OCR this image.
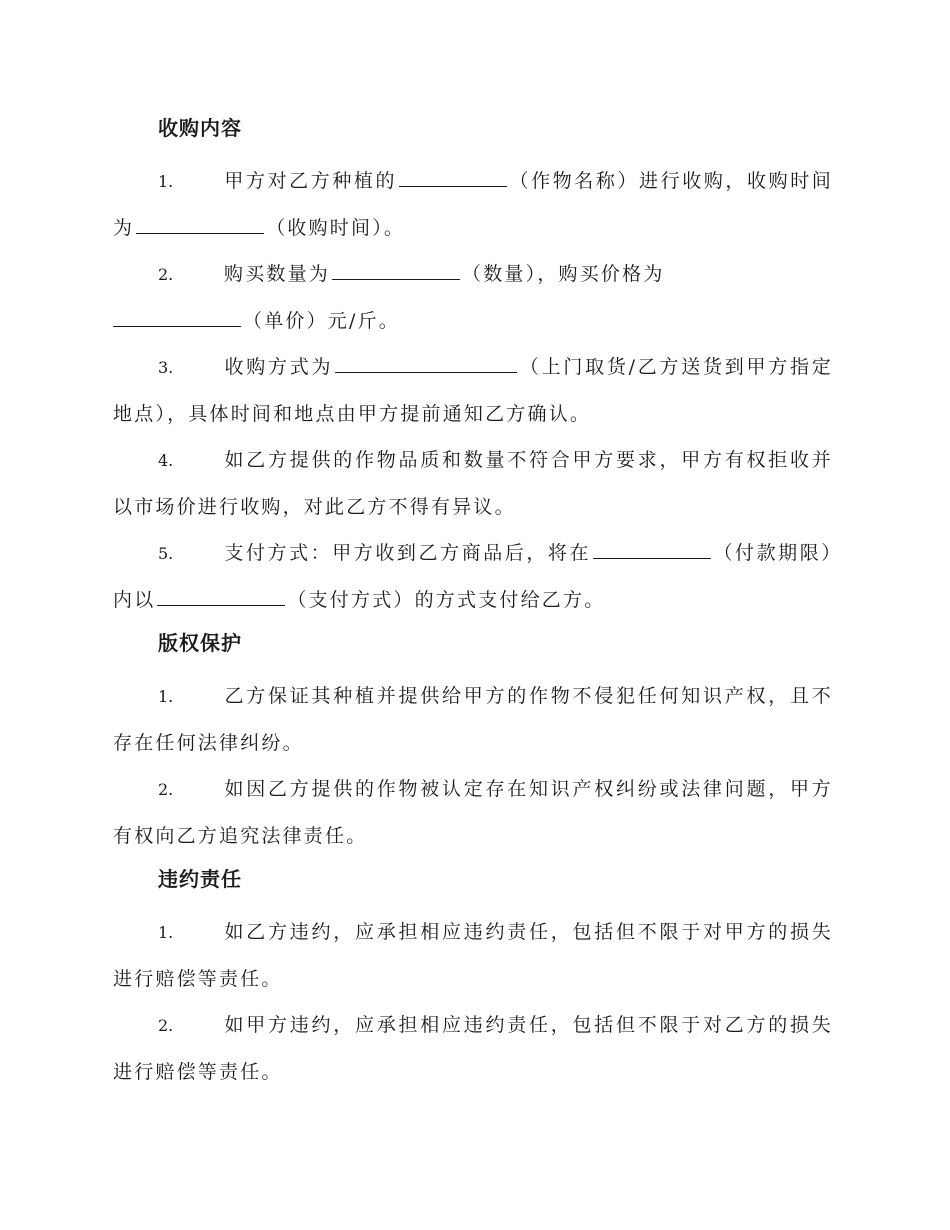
收购内容
1.	甲方对乙方种植的	（作物名称）进行收购，收购时间为	（收购时间）。
2.	购买数量为	（数量），购买价格为
（单价）元/斤。
3.	收购方式为	（上门取货/乙方送货到甲方指定地点），具体时间和地点由甲方提前通知乙方确认。
4.	如乙方提供的作物品质和数量不符合甲方要求，甲方有权拒收并以市场价进行收购，对此乙方不得有异议。
5.	支付方式：甲方收到乙方商品后，将在	（付款期限）内以	（支付方式）的方式支付给乙方。
版权保护
1.	乙方保证其种植并提供给甲方的作物不侵犯任何知识产权，且不存在任何法律纠纷。
2.	如因乙方提供的作物被认定存在知识产权纠纷或法律问题，甲方有权向乙方追究法律责任。
违约责任
1.	如乙方违约，应承担相应违约责任，包括但不限于对甲方的损失进行赔偿等责任。
2.	如甲方违约，应承担相应违约责任，包括但不限于对乙方的损失进行赔偿等责任。
